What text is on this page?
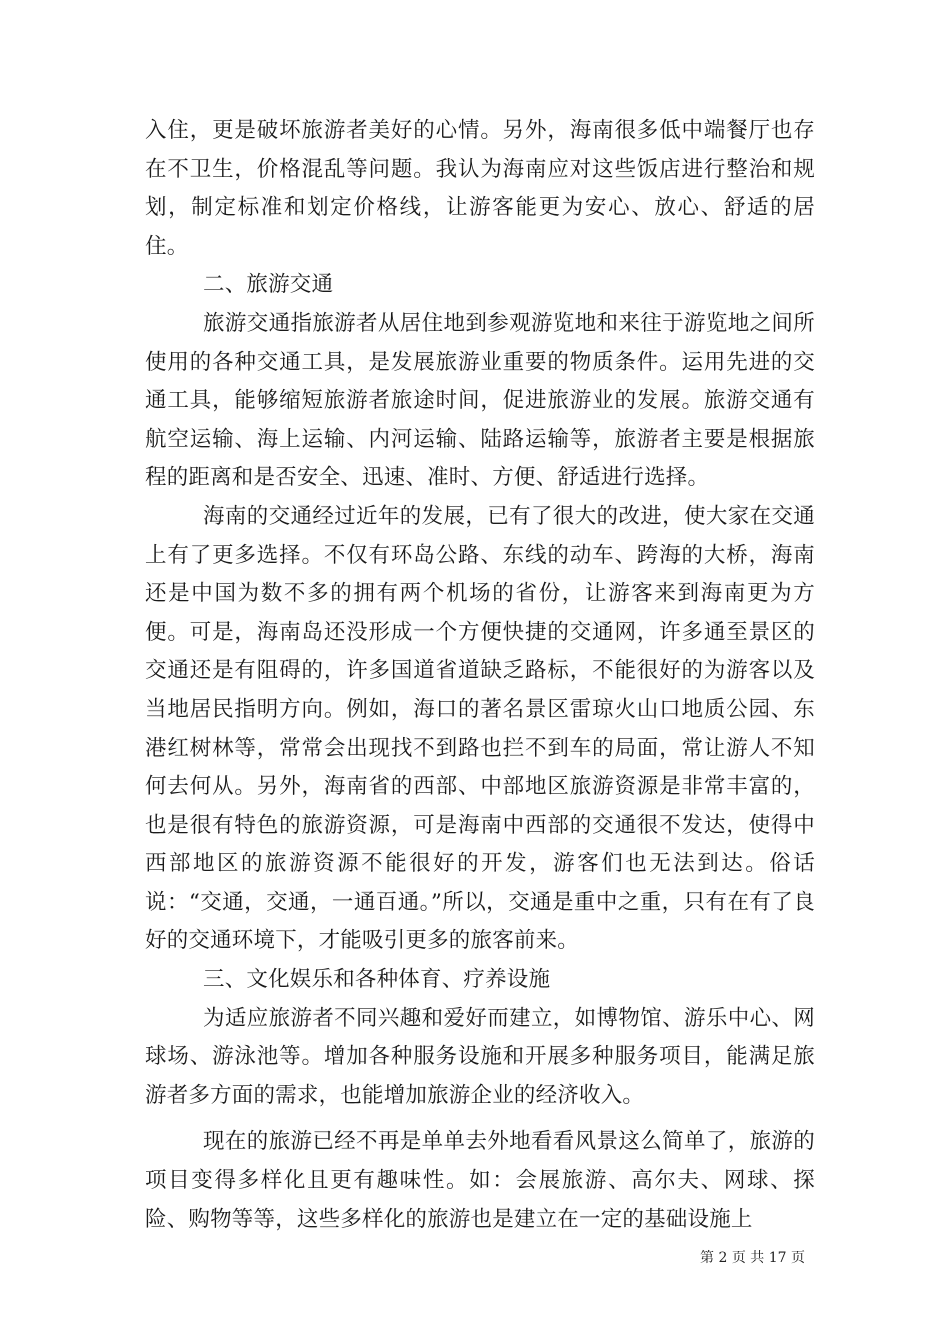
入住，更是破坏旅游者美好的心情。另外，海南很多低中端餐厅也存在不卫生，价格混乱等问题。我认为海南应对这些饭店进行整治和规划，制定标准和划定价格线，让游客能更为安心、放心、舒适的居住。

二、旅游交通

旅游交通指旅游者从居住地到参观游览地和来往于游览地之间所使用的各种交通工具，是发展旅游业重要的物质条件。运用先进的交通工具，能够缩短旅游者旅途时间，促进旅游业的发展。旅游交通有航空运输、海上运输、内河运输、陆路运输等，旅游者主要是根据旅程的距离和是否安全、迅速、准时、方便、舒适进行选择。

海南的交通经过近年的发展，已有了很大的改进，使大家在交通上有了更多选择。不仅有环岛公路、东线的动车、跨海的大桥，海南还是中国为数不多的拥有两个机场的省份，让游客来到海南更为方便。可是，海南岛还没形成一个方便快捷的交通网，许多通至景区的交通还是有阻碍的，许多国道省道缺乏路标，不能很好的为游客以及当地居民指明方向。例如，海口的著名景区雷琼火山口地质公园、东港红树林等，常常会出现找不到路也拦不到车的局面，常让游人不知何去何从。另外，海南省的西部、中部地区旅游资源是非常丰富的，也是很有特色的旅游资源，可是海南中西部的交通很不发达，使得中西部地区的旅游资源不能很好的开发，游客们也无法到达。俗话说：“交通，交通，一通百通。”所以，交通是重中之重，只有在有了良好的交通环境下，才能吸引更多的旅客前来。

三、文化娱乐和各种体育、疗养设施

为适应旅游者不同兴趣和爱好而建立，如博物馆、游乐中心、网球场、游泳池等。增加各种服务设施和开展多种服务项目，能满足旅游者多方面的需求，也能增加旅游企业的经济收入。

现在的旅游已经不再是单单去外地看看风景这么简单了，旅游的项目变得多样化且更有趣味性。如：会展旅游、高尔夫、网球、探险、购物等等，这些多样化的旅游也是建立在一定的基础设施上

第 2 页 共 17 页
